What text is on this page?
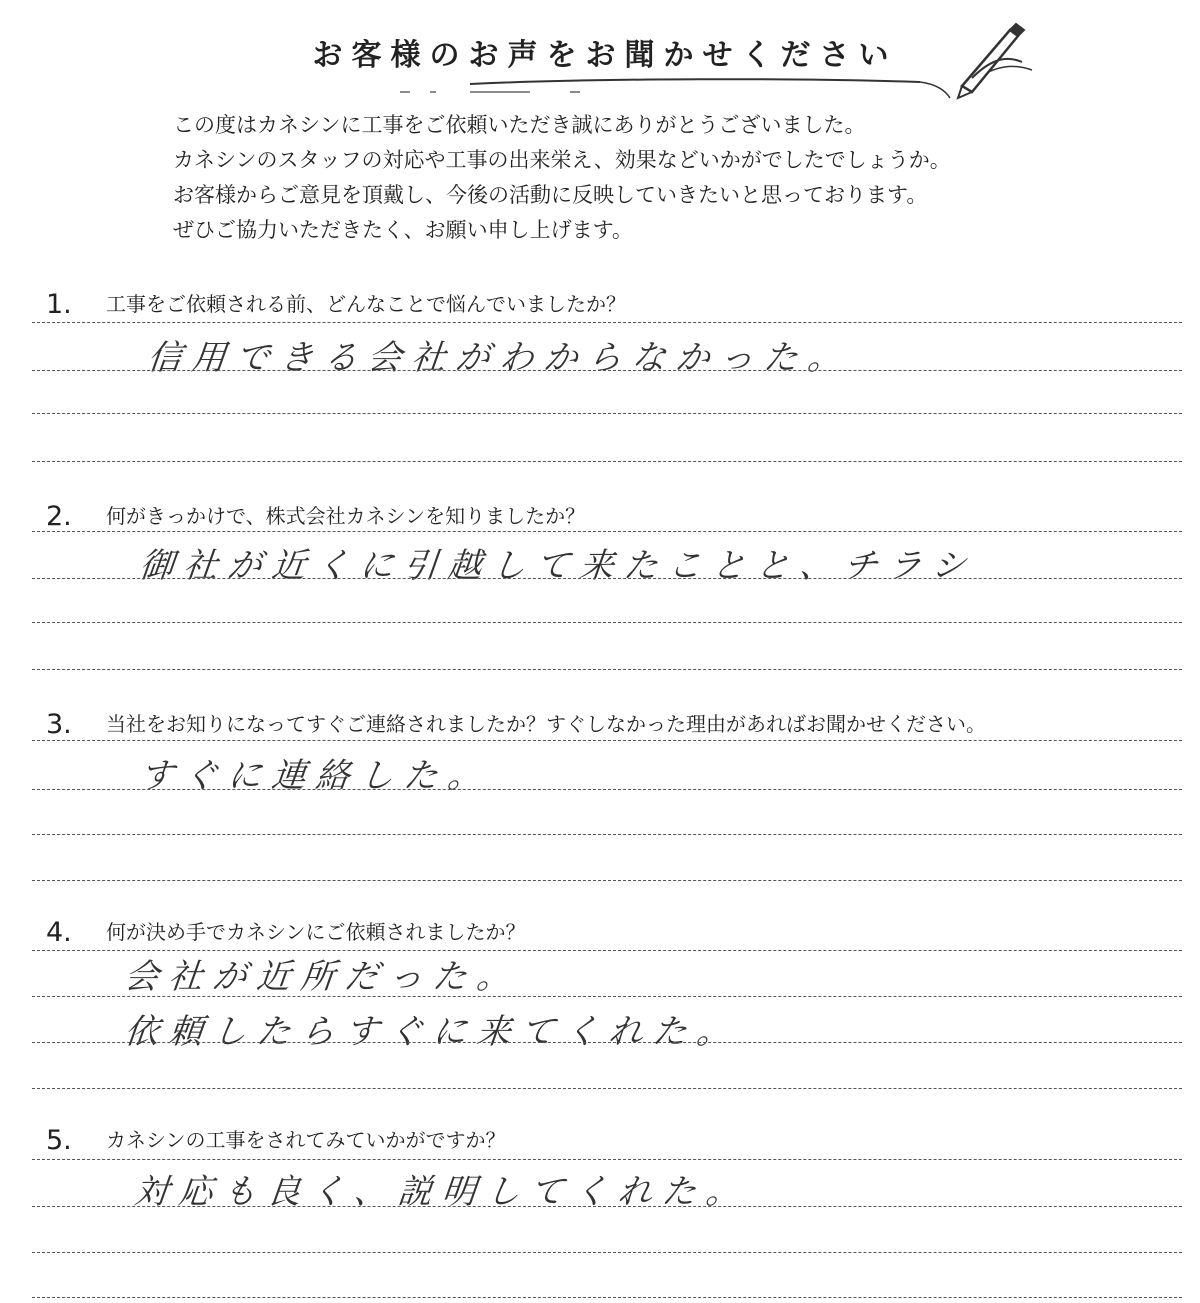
お客様のお声をお聞かせください
この度はカネシンに工事をご依頼いただき誠にありがとうございました。
カネシンのスタッフの対応や工事の出来栄え、効果などいかがでしたでしょうか。
お客様からご意見を頂戴し、今後の活動に反映していきたいと思っております。
ぜひご協力いただきたく、お願い申し上げます。
1. 工事をご依頼される前、どんなことで悩んでいましたか？
信用できる会社がわからなかった。
2. 何がきっかけで、株式会社カネシンを知りましたか？
御社が近くに引越して来たことと、チラシ
3. 当社をお知りになってすぐご連絡されましたか？すぐしなかった理由があればお聞かせください。
すぐに連絡した。
4. 何が決め手でカネシンにご依頼されましたか？
会社が近所だった。
依頼したらすぐに来てくれた。
5. カネシンの工事をされてみていかがですか？
対応も良く、説明してくれた。
